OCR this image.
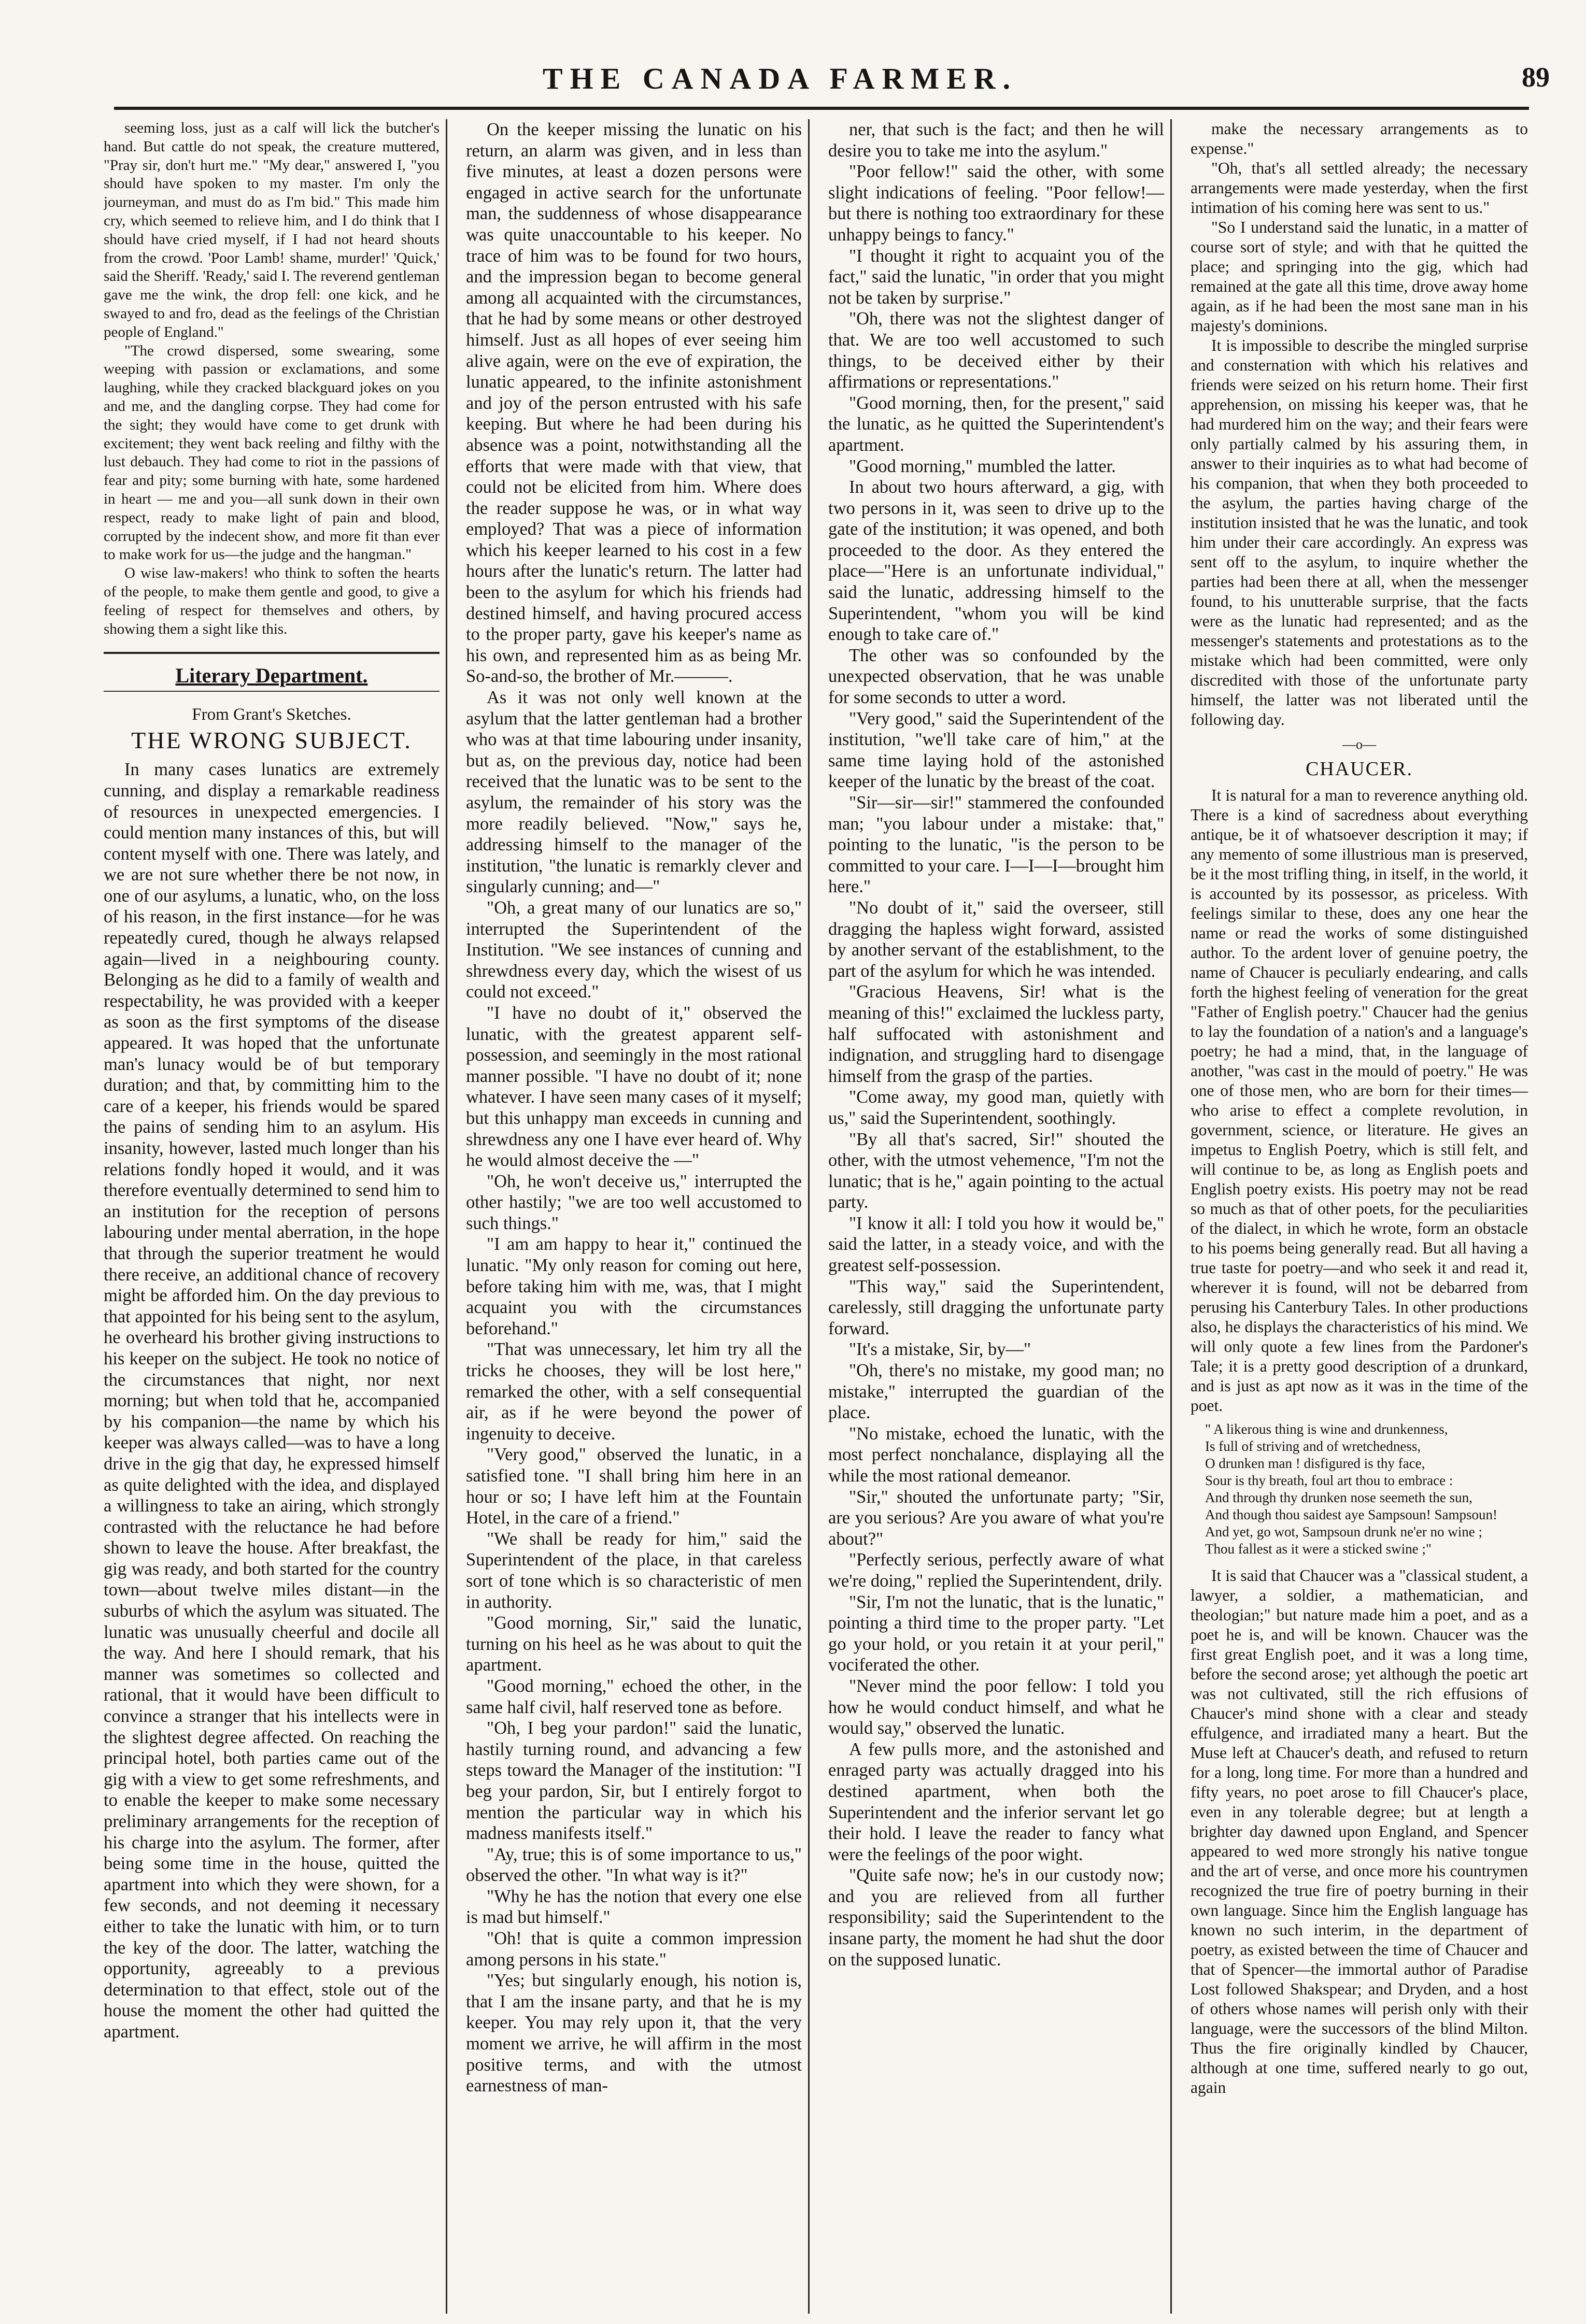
THE CANADA FARMER.	89

seeming loss, just as a calf will lick the butcher's hand. But cattle do not speak, the creature muttered, "Pray sir, don't hurt me." "My dear," answered I, "you should have spoken to my master. I'm only the journeyman, and must do as I'm bid." This made him cry, which seemed to relieve him, and I do think that I should have cried myself, if I had not heard shouts from the crowd. 'Poor Lamb! shame, murder!' 'Quick,' said the Sheriff. 'Ready,' said I. The reverend gentleman gave me the wink, the drop fell: one kick, and he swayed to and fro, dead as the feelings of the Christian people of England."

"The crowd dispersed, some swearing, some weeping with passion or exclamations, and some laughing, while they cracked blackguard jokes on you and me, and the dangling corpse. They had come for the sight; they would have come to get drunk with excitement; they went back reeling and filthy with the lust debauch. They had come to riot in the passions of fear and pity; some burning with hate, some hardened in heart — me and you—all sunk down in their own respect, ready to make light of pain and blood, corrupted by the indecent show, and more fit than ever to make work for us—the judge and the hangman."

O wise law-makers! who think to soften the hearts of the people, to make them gentle and good, to give a feeling of respect for themselves and others, by showing them a sight like this.

Literary Department.
From Grant's Sketches.
THE WRONG SUBJECT.

In many cases lunatics are extremely cunning, and display a remarkable readiness of resources in unexpected emergencies. I could mention many instances of this, but will content myself with one. There was lately, and we are not sure whether there be not now, in one of our asylums, a lunatic, who, on the loss of his reason, in the first instance—for he was repeatedly cured, though he always relapsed again—lived in a neighbouring county. Belonging as he did to a family of wealth and respectability, he was provided with a keeper as soon as the first symptoms of the disease appeared. It was hoped that the unfortunate man's lunacy would be of but temporary duration; and that, by committing him to the care of a keeper, his friends would be spared the pains of sending him to an asylum. His insanity, however, lasted much longer than his relations fondly hoped it would, and it was therefore eventually determined to send him to an institution for the reception of persons labouring under mental aberration, in the hope that through the superior treatment he would there receive, an additional chance of recovery might be afforded him. On the day previous to that appointed for his being sent to the asylum, he overheard his brother giving instructions to his keeper on the subject. He took no notice of the circumstances that night, nor next morning; but when told that he, accompanied by his companion—the name by which his keeper was always called—was to have a long drive in the gig that day, he expressed himself as quite delighted with the idea, and displayed a willingness to take an airing, which strongly contrasted with the reluctance he had before shown to leave the house. After breakfast, the gig was ready, and both started for the country town—about twelve miles distant—in the suburbs of which the asylum was situated. The lunatic was unusually cheerful and docile all the way. And here I should remark, that his manner was sometimes so collected and rational, that it would have been difficult to convince a stranger that his intellects were in the slightest degree affected. On reaching the principal hotel, both parties came out of the gig with a view to get some refreshments, and to enable the keeper to make some necessary preliminary arrangements for the reception of his charge into the asylum. The former, after being some time in the house, quitted the apartment into which they were shown, for a few seconds, and not deeming it necessary either to take the lunatic with him, or to turn the key of the door. The latter, watching the opportunity, agreeably to a previous determination to that effect, stole out of the house the moment the other had quitted the apartment.

On the keeper missing the lunatic on his return, an alarm was given, and in less than five minutes, at least a dozen persons were engaged in active search for the unfortunate man, the suddenness of whose disappearance was quite unaccountable to his keeper. No trace of him was to be found for two hours, and the impression began to become general among all acquainted with the circumstances, that he had by some means or other destroyed himself. Just as all hopes of ever seeing him alive again, were on the eve of expiration, the lunatic appeared, to the infinite astonishment and joy of the person entrusted with his safe keeping. But where he had been during his absence was a point, notwithstanding all the efforts that were made with that view, that could not be elicited from him. Where does the reader suppose he was, or in what way employed? That was a piece of information which his keeper learned to his cost in a few hours after the lunatic's return. The latter had been to the asylum for which his friends had destined himself, and having procured access to the proper party, gave his keeper's name as his own, and represented him as as being Mr. So-and-so, the brother of Mr.———.

As it was not only well known at the asylum that the latter gentleman had a brother who was at that time labouring under insanity, but as, on the previous day, notice had been received that the lunatic was to be sent to the asylum, the remainder of his story was the more readily believed. "Now," says he, addressing himself to the manager of the institution, "the lunatic is remarkly clever and singularly cunning; and—"

"Oh, a great many of our lunatics are so," interrupted the Superintendent of the Institution. "We see instances of cunning and shrewdness every day, which the wisest of us could not exceed."

"I have no doubt of it," observed the lunatic, with the greatest apparent self-possession, and seemingly in the most rational manner possible. "I have no doubt of it; none whatever. I have seen many cases of it myself; but this unhappy man exceeds in cunning and shrewdness any one I have ever heard of. Why he would almost deceive the —"

"Oh, he won't deceive us," interrupted the other hastily; "we are too well accustomed to such things."

"I am am happy to hear it," continued the lunatic. "My only reason for coming out here, before taking him with me, was, that I might acquaint you with the circumstances beforehand."

"That was unnecessary, let him try all the tricks he chooses, they will be lost here," remarked the other, with a self consequential air, as if he were beyond the power of ingenuity to deceive.

"Very good," observed the lunatic, in a satisfied tone. "I shall bring him here in an hour or so; I have left him at the Fountain Hotel, in the care of a friend."

"We shall be ready for him," said the Superintendent of the place, in that careless sort of tone which is so characteristic of men in authority.

"Good morning, Sir," said the lunatic, turning on his heel as he was about to quit the apartment.

"Good morning," echoed the other, in the same half civil, half reserved tone as before.

"Oh, I beg your pardon!" said the lunatic, hastily turning round, and advancing a few steps toward the Manager of the institution: "I beg your pardon, Sir, but I entirely forgot to mention the particular way in which his madness manifests itself."

"Ay, true; this is of some importance to us," observed the other. "In what way is it?"

"Why he has the notion that every one else is mad but himself."

"Oh! that is quite a common impression among persons in his state."

"Yes; but singularly enough, his notion is, that I am the insane party, and that he is my keeper. You may rely upon it, that the very moment we arrive, he will affirm in the most positive terms, and with the utmost earnestness of man-

ner, that such is the fact; and then he will desire you to take me into the asylum."

"Poor fellow!" said the other, with some slight indications of feeling. "Poor fellow!—but there is nothing too extraordinary for these unhappy beings to fancy."

"I thought it right to acquaint you of the fact," said the lunatic, "in order that you might not be taken by surprise."

"Oh, there was not the slightest danger of that. We are too well accustomed to such things, to be deceived either by their affirmations or representations."

"Good morning, then, for the present," said the lunatic, as he quitted the Superintendent's apartment.

"Good morning," mumbled the latter.

In about two hours afterward, a gig, with two persons in it, was seen to drive up to the gate of the institution; it was opened, and both proceeded to the door. As they entered the place—"Here is an unfortunate individual," said the lunatic, addressing himself to the Superintendent, "whom you will be kind enough to take care of."

The other was so confounded by the unexpected observation, that he was unable for some seconds to utter a word.

"Very good," said the Superintendent of the institution, "we'll take care of him," at the same time laying hold of the astonished keeper of the lunatic by the breast of the coat.

"Sir—sir—sir!" stammered the confounded man; "you labour under a mistake: that," pointing to the lunatic, "is the person to be committed to your care. I—I—I—brought him here."

"No doubt of it," said the overseer, still dragging the hapless wight forward, assisted by another servant of the establishment, to the part of the asylum for which he was intended.

"Gracious Heavens, Sir! what is the meaning of this!" exclaimed the luckless party, half suffocated with astonishment and indignation, and struggling hard to disengage himself from the grasp of the parties.

"Come away, my good man, quietly with us," said the Superintendent, soothingly.

"By all that's sacred, Sir!" shouted the other, with the utmost vehemence, "I'm not the lunatic; that is he," again pointing to the actual party.

"I know it all: I told you how it would be," said the latter, in a steady voice, and with the greatest self-possession.

"This way," said the Superintendent, carelessly, still dragging the unfortunate party forward.

"It's a mistake, Sir, by—"

"Oh, there's no mistake, my good man; no mistake," interrupted the guardian of the place.

"No mistake, echoed the lunatic, with the most perfect nonchalance, displaying all the while the most rational demeanor.

"Sir," shouted the unfortunate party; "Sir, are you serious? Are you aware of what you're about?"

"Perfectly serious, perfectly aware of what we're doing," replied the Superintendent, drily.

"Sir, I'm not the lunatic, that is the lunatic," pointing a third time to the proper party. "Let go your hold, or you retain it at your peril," vociferated the other.

"Never mind the poor fellow: I told you how he would conduct himself, and what he would say," observed the lunatic.

A few pulls more, and the astonished and enraged party was actually dragged into his destined apartment, when both the Superintendent and the inferior servant let go their hold. I leave the reader to fancy what were the feelings of the poor wight.

"Quite safe now; he's in our custody now; and you are relieved from all further responsibility; said the Superintendent to the insane party, the moment he had shut the door on the supposed lunatic.

make the necessary arrangements as to expense."

"Oh, that's all settled already; the necessary arrangements were made yesterday, when the first intimation of his coming here was sent to us."

"So I understand said the lunatic, in a matter of course sort of style; and with that he quitted the place; and springing into the gig, which had remained at the gate all this time, drove away home again, as if he had been the most sane man in his majesty's dominions.

It is impossible to describe the mingled surprise and consternation with which his relatives and friends were seized on his return home. Their first apprehension, on missing his keeper was, that he had murdered him on the way; and their fears were only partially calmed by his assuring them, in answer to their inquiries as to what had become of his companion, that when they both proceeded to the asylum, the parties having charge of the institution insisted that he was the lunatic, and took him under their care accordingly. An express was sent off to the asylum, to inquire whether the parties had been there at all, when the messenger found, to his unutterable surprise, that the facts were as the lunatic had represented; and as the messenger's statements and protestations as to the mistake which had been committed, were only discredited with those of the unfortunate party himself, the latter was not liberated until the following day.

—o—
CHAUCER.

It is natural for a man to reverence anything old. There is a kind of sacredness about everything antique, be it of whatsoever description it may; if any memento of some illustrious man is preserved, be it the most trifling thing, in itself, in the world, it is accounted by its possessor, as priceless. With feelings similar to these, does any one hear the name or read the works of some distinguished author. To the ardent lover of genuine poetry, the name of Chaucer is peculiarly endearing, and calls forth the highest feeling of veneration for the great "Father of English poetry." Chaucer had the genius to lay the foundation of a nation's and a language's poetry; he had a mind, that, in the language of another, "was cast in the mould of poetry." He was one of those men, who are born for their times—who arise to effect a complete revolution, in government, science, or literature. He gives an impetus to English Poetry, which is still felt, and will continue to be, as long as English poets and English poetry exists. His poetry may not be read so much as that of other poets, for the peculiarities of the dialect, in which he wrote, form an obstacle to his poems being generally read. But all having a true taste for poetry—and who seek it and read it, wherever it is found, will not be debarred from perusing his Canterbury Tales. In other productions also, he displays the characteristics of his mind. We will only quote a few lines from the Pardoner's Tale; it is a pretty good description of a drunkard, and is just as apt now as it was in the time of the poet.

" A likerous thing is wine and drunkenness,
Is full of striving and of wretchedness,
O drunken man ! disfigured is thy face,
Sour is thy breath, foul art thou to embrace :
And through thy drunken nose seemeth the sun,
And though thou saidest aye Sampsoun! Sampsoun!
And yet, go wot, Sampsoun drunk ne'er no wine ;
Thou fallest as it were a sticked swine ;"

It is said that Chaucer was a "classical student, a lawyer, a soldier, a mathematician, and theologian;" but nature made him a poet, and as a poet he is, and will be known. Chaucer was the first great English poet, and it was a long time, before the second arose; yet although the poetic art was not cultivated, still the rich effusions of Chaucer's mind shone with a clear and steady effulgence, and irradiated many a heart. But the Muse left at Chaucer's death, and refused to return for a long, long time. For more than a hundred and fifty years, no poet arose to fill Chaucer's place, even in any tolerable degree; but at length a brighter day dawned upon England, and Spencer appeared to wed more strongly his native tongue and the art of verse, and once more his countrymen recognized the true fire of poetry burning in their own language. Since him the English language has known no such interim, in the department of poetry, as existed between the time of Chaucer and that of Spencer—the immortal author of Paradise Lost followed Shakspear; and Dryden, and a host of others whose names will perish only with their language, were the successors of the blind Milton. Thus the fire originally kindled by Chaucer, although at one time, suffered nearly to go out, again
